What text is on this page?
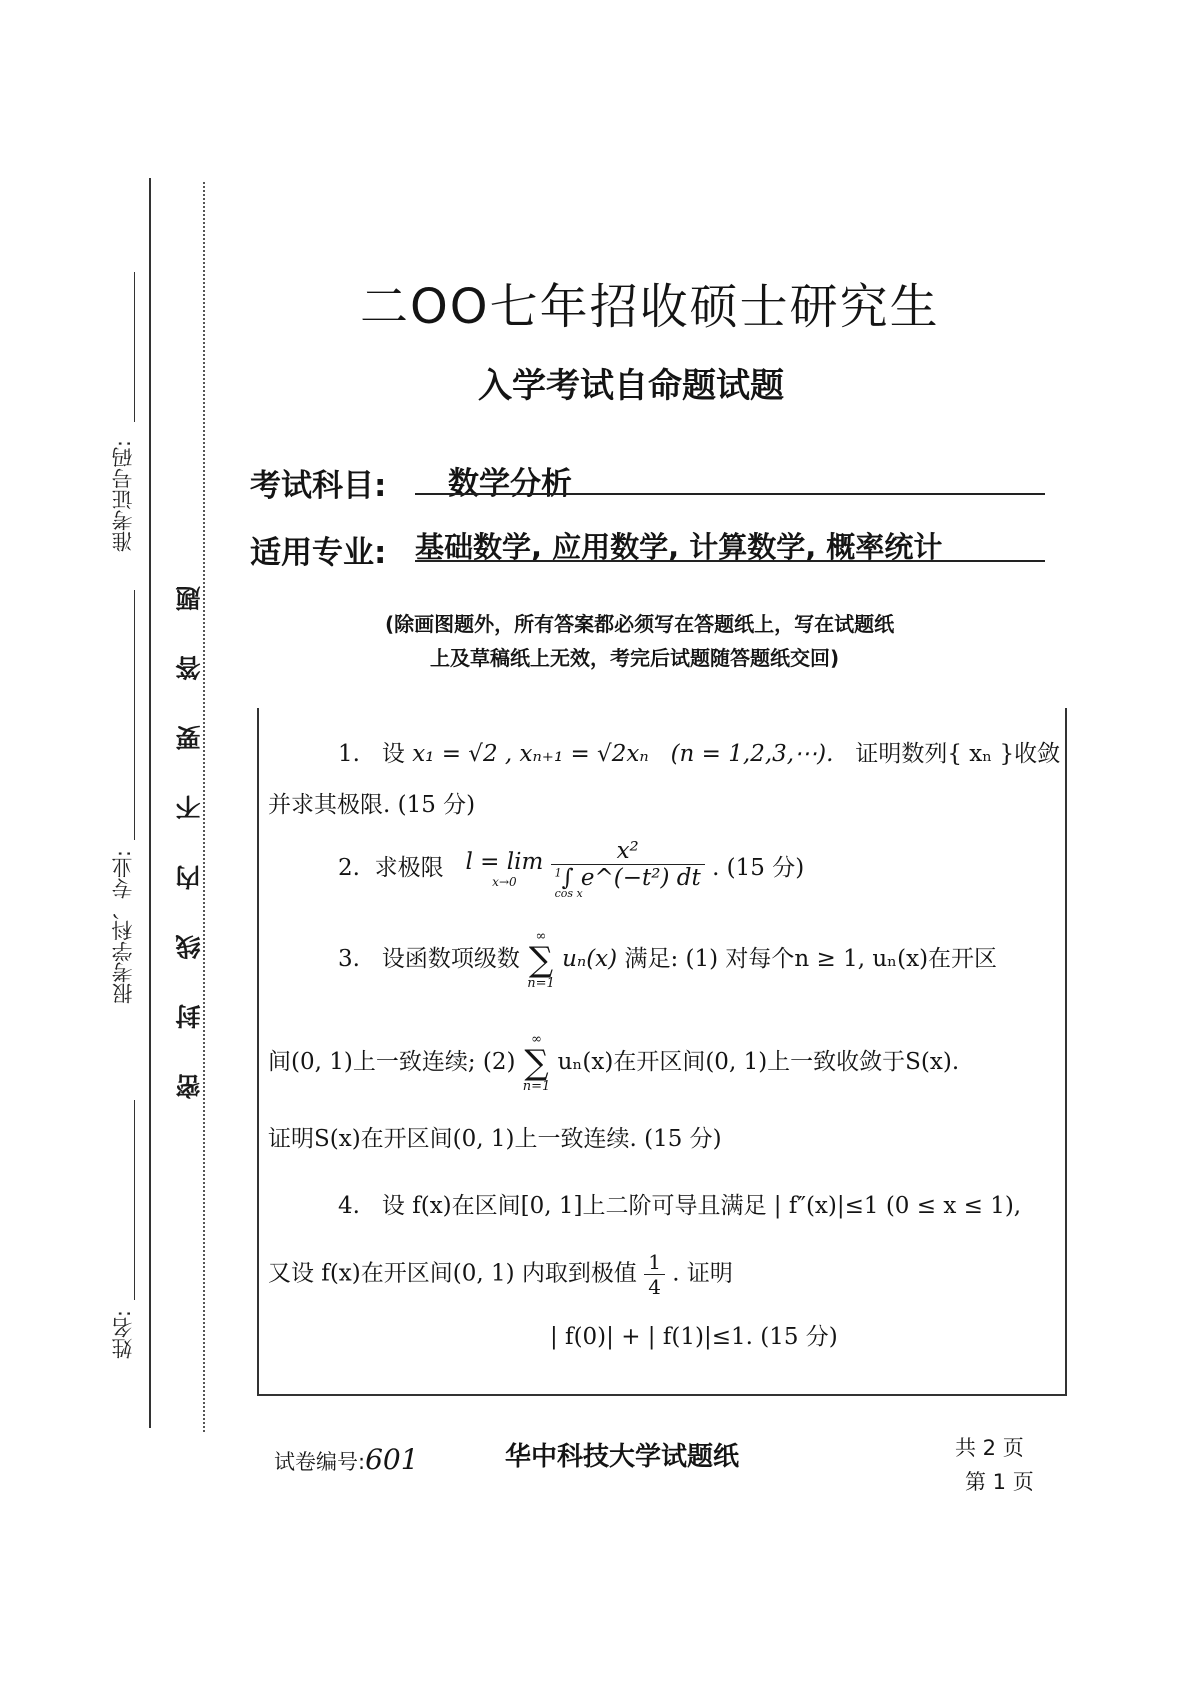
准考证号码:
报考学科、专业:
姓名:
密 封 线 内 不 要 答 题
二OO七年招收硕士研究生
入学考试自命题试题
考试科目: 数学分析
适用专业: 基础数学, 应用数学, 计算数学, 概率统计
(除画图题外，所有答案都必须写在答题纸上，写在试题纸
上及草稿纸上无效，考完后试题随答题纸交回)
1. 设 x₁ = √2 , xₙ₊₁ = √2xₙ (n = 1,2,3,⋯). 证明数列{ xₙ }收敛
并求其极限. (15 分)
2. 求极限 l = lim
x→0
	x²
$^1$∫ e^(−t²) dt
cos x . (15 分)
3. 设函数项级数
∞
∑
n=1
uₙ(x) 满足: (1) 对每个n ≥ 1, uₙ(x)在开区
间(0, 1)上一致连续; (2)
∞
∑
n=1
uₙ(x)在开区间(0, 1)上一致收敛于S(x).
证明S(x)在开区间(0, 1)上一致连续. (15 分)
4. 设 f(x)在区间[0, 1]上二阶可导且满足 | f″(x)|≤1 (0 ≤ x ≤ 1),
又设 f(x)在开区间(0, 1) 内取到极值 $\frac{1}{4}$ . 证明
| f(0)| + | f(1)|≤1. (15 分)
试卷编号:601	华中科技大学试题纸	共 2 页
第 1 页
